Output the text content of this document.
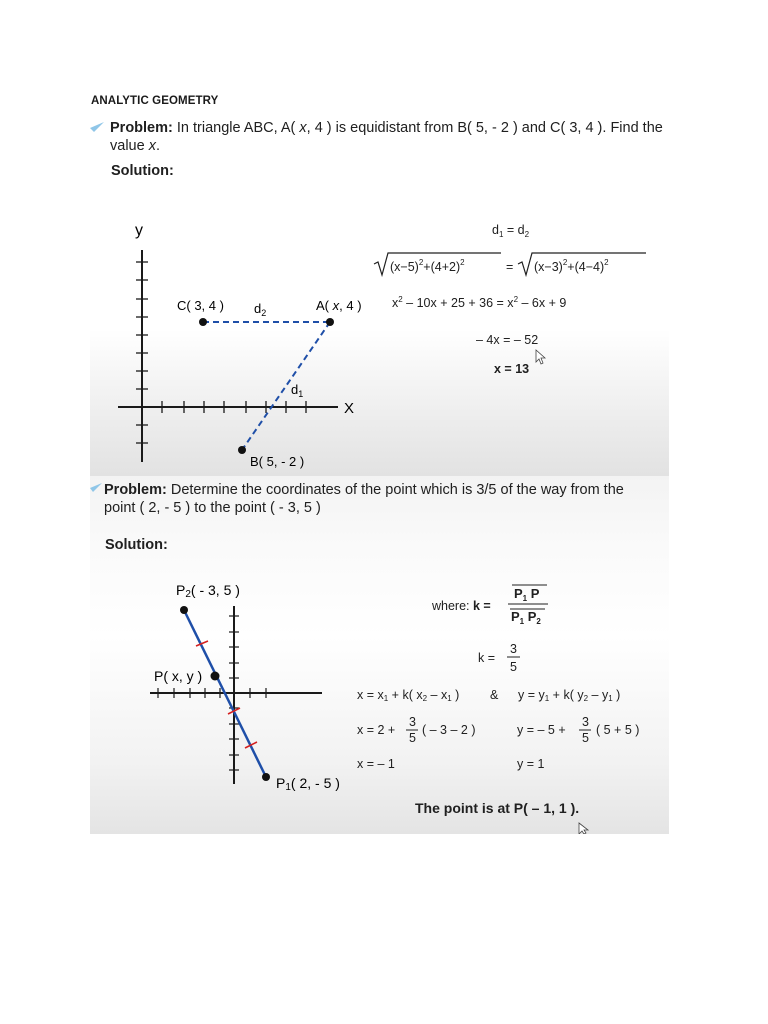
ANALYTIC GEOMETRY
y
X
C( 3, 4 ) $d_2$	A( x, 4 )
$d_1$
B( 5, - 2 )
$d_1 = d_2$
$(x-5)^2+(4+2)^2$	= $(x-3)^2+(4-4)^2$
$x^2 - 10x + 25 + 36 = x^2 - 6x + 9$
– 4x = – 52
x = 13
Problem: In triangle ABC, A( x, 4 ) is equidistant from B( 5, - 2 ) and C( 3, 4 ). Find the
value x.
Solution:
P2( - 3, 5 )
P( x, y )
P1( 2, - 5 )
where: k =
$P_1$ P
$P_1$ $P_2$
k =
3
5
x = x1 + k( x2 – x1 ) & y = y1 + k( y2 – y1 )
x = 2 +
3
5
( – 3 – 2 )	y = – 5 +
3
5
( 5 + 5 )
x = – 1	y = 1
The point is at P( – 1, 1 ).
Problem: Determine the coordinates of the point which is 3/5 of the way from the
point ( 2, - 5 ) to the point ( - 3, 5 )
Solution:
